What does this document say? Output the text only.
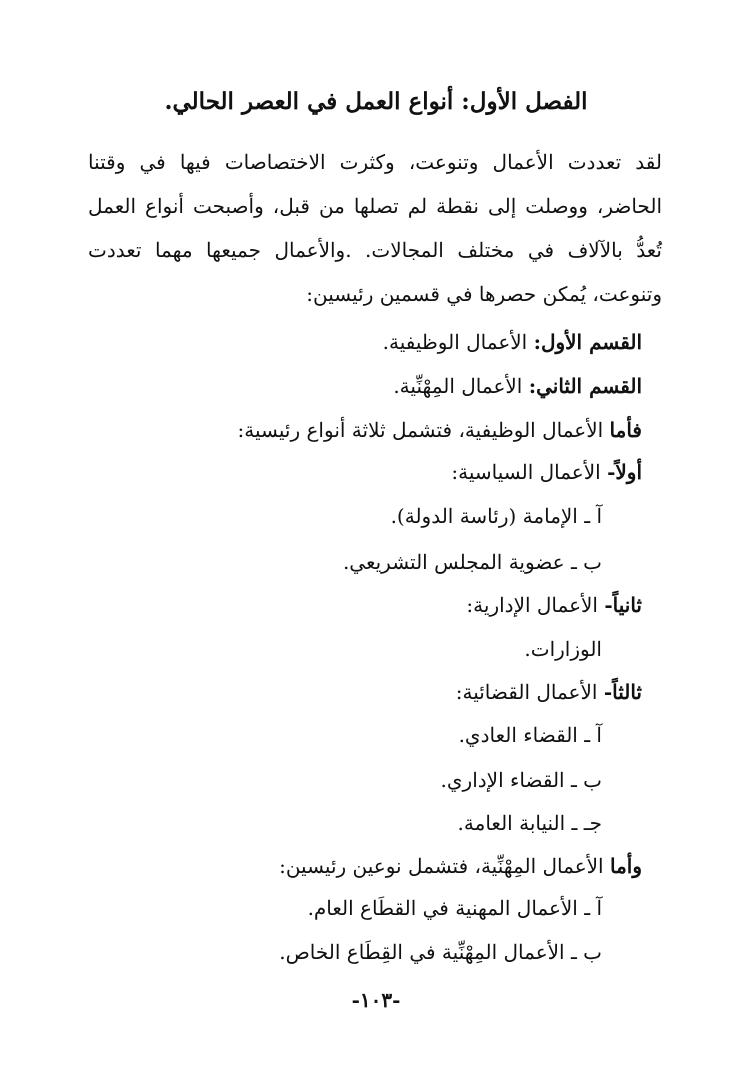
الفصل الأول: أنواع العمل في العصر الحالي.
لقد تعددت الأعمال وتنوعت، وكثرت الاختصاصات فيها في وقتنا الحاضر، ووصلت إلى نقطة لم تصلها من قبل، وأصبحت أنواع العمل تُعدُّ بالآلاف في مختلف المجالات. .والأعمال جميعها مهما تعددت وتنوعت، يُمكن حصرها في قسمين رئيسين:
القسم الأول: الأعمال الوظيفية.
القسم الثاني: الأعمال المِهْنِّية.
فأما الأعمال الوظيفية، فتشمل ثلاثة أنواع رئيسية:
أولاً- الأعمال السياسية:
آ ـ الإمامة (رئاسة الدولة).
ب ـ عضوية المجلس التشريعي.
ثانياً- الأعمال الإدارية:
الوزارات.
ثالثاً- الأعمال القضائية:
آ ـ القضاء العادي.
ب ـ القضاء الإداري.
جـ ـ النيابة العامة.
وأما الأعمال المِهْنِّية، فتشمل نوعين رئيسين:
آ ـ الأعمال المهنية في القطَاع العام.
ب ـ الأعمال المِهْنِّية في القِطَاع الخاص.
-١٠٣-
